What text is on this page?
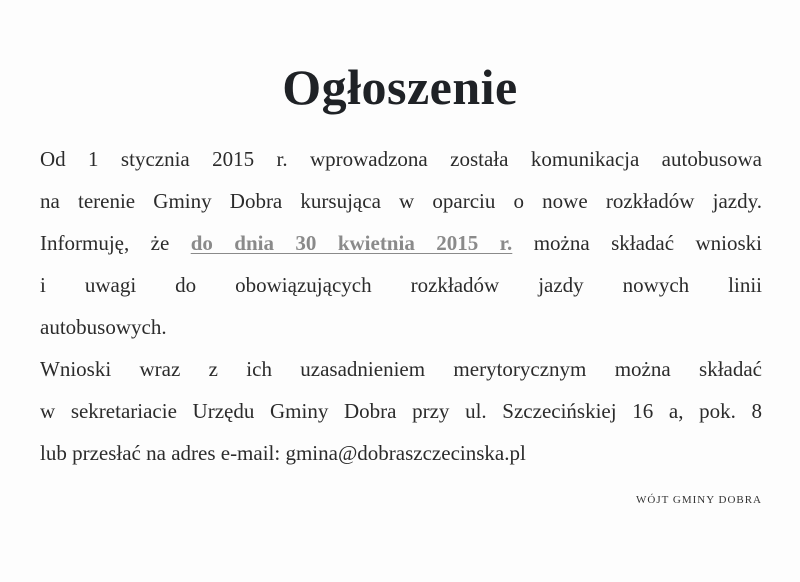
Ogłoszenie
Od 1 stycznia 2015 r. wprowadzona została komunikacja autobusowa
na terenie Gminy Dobra kursująca w oparciu o nowe rozkładów jazdy.
Informuję, że do dnia 30 kwietnia 2015 r. można składać wnioski
i uwagi do obowiązujących rozkładów jazdy nowych linii
autobusowych.
Wnioski wraz z ich uzasadnieniem merytorycznym można składać
w sekretariacie Urzędu Gminy Dobra przy ul. Szczecińskiej 16 a, pok. 8
lub przesłać na adres e-mail: gmina@dobraszczecinska.pl
WÓJT GMINY DOBRA
